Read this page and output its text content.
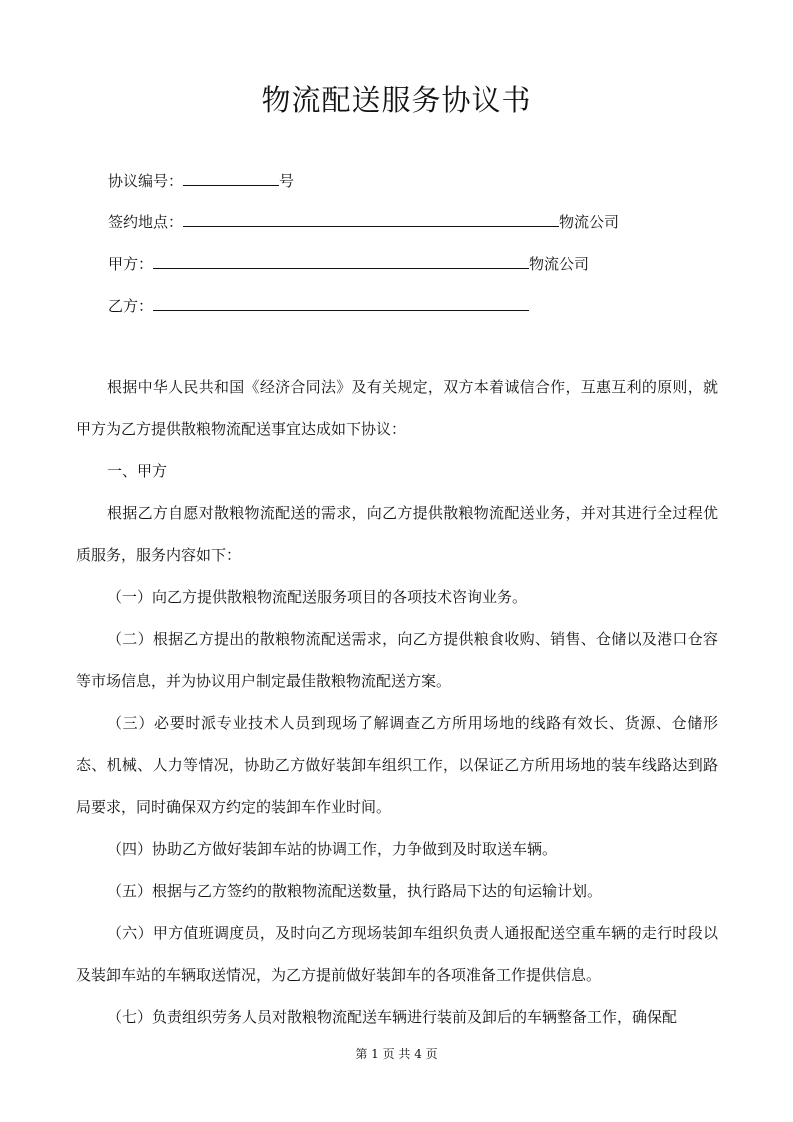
物流配送服务协议书
协议编号：	号
签约地点：	物流公司
甲方：	物流公司
乙方：
根据中华人民共和国《经济合同法》及有关规定，双方本着诚信合作，互惠互利的原则，就甲方为乙方提供散粮物流配送事宜达成如下协议：
一、甲方
根据乙方自愿对散粮物流配送的需求，向乙方提供散粮物流配送业务，并对其进行全过程优质服务，服务内容如下：
（一）向乙方提供散粮物流配送服务项目的各项技术咨询业务。
（二）根据乙方提出的散粮物流配送需求，向乙方提供粮食收购、销售、仓储以及港口仓容等市场信息，并为协议用户制定最佳散粮物流配送方案。
（三）必要时派专业技术人员到现场了解调查乙方所用场地的线路有效长、货源、仓储形态、机械、人力等情况，协助乙方做好装卸车组织工作，以保证乙方所用场地的装车线路达到路局要求，同时确保双方约定的装卸车作业时间。
（四）协助乙方做好装卸车站的协调工作，力争做到及时取送车辆。
（五）根据与乙方签约的散粮物流配送数量，执行路局下达的旬运输计划。
（六）甲方值班调度员，及时向乙方现场装卸车组织负责人通报配送空重车辆的走行时段以及装卸车站的车辆取送情况，为乙方提前做好装卸车的各项准备工作提供信息。
（七）负责组织劳务人员对散粮物流配送车辆进行装前及卸后的车辆整备工作，确保配
第 1 页 共 4 页
